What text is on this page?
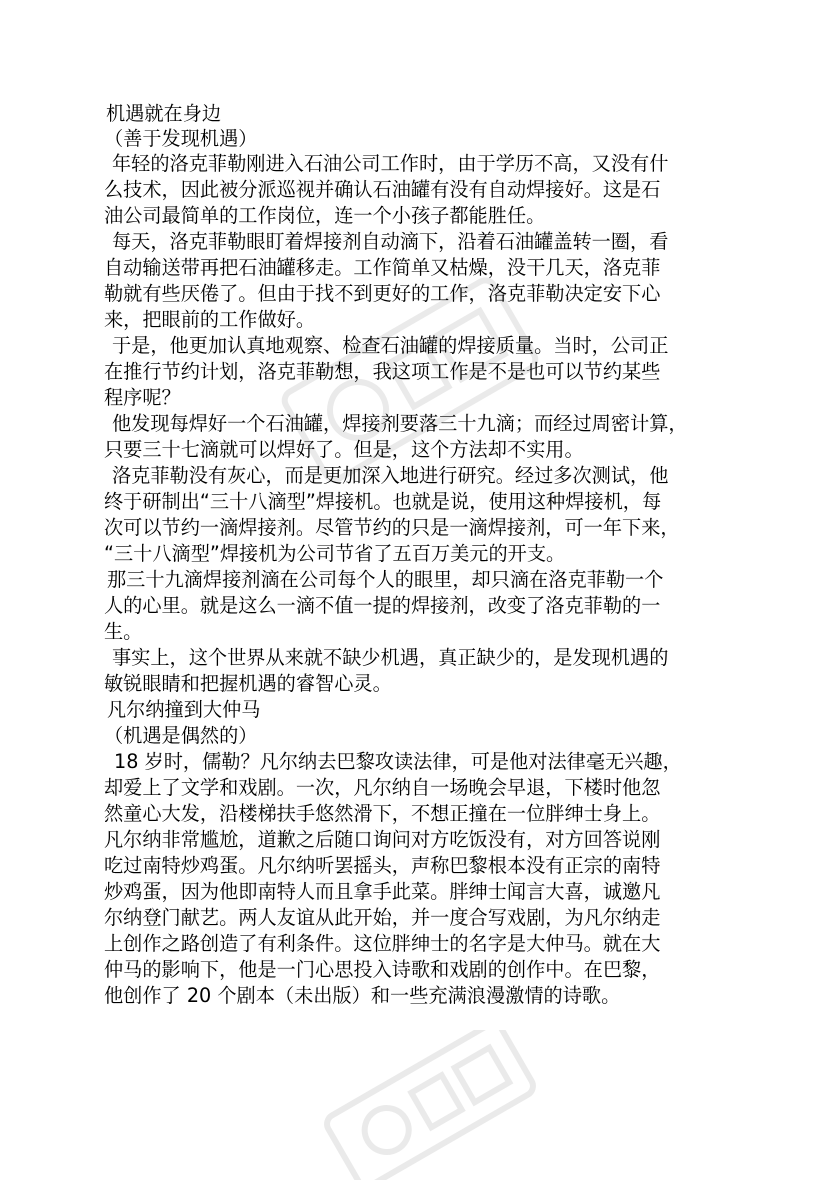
机遇就在身边
（善于发现机遇）
年轻的洛克菲勒刚进入石油公司工作时，由于学历不高，又没有什
么技术，因此被分派巡视并确认石油罐有没有自动焊接好。这是石
油公司最简单的工作岗位，连一个小孩子都能胜任。
每天，洛克菲勒眼盯着焊接剂自动滴下，沿着石油罐盖转一圈，看
自动输送带再把石油罐移走。工作简单又枯燥，没干几天，洛克菲
勒就有些厌倦了。但由于找不到更好的工作，洛克菲勒决定安下心
来，把眼前的工作做好。
于是，他更加认真地观察、检查石油罐的焊接质量。当时，公司正
在推行节约计划，洛克菲勒想，我这项工作是不是也可以节约某些
程序呢？
他发现每焊好一个石油罐，焊接剂要落三十九滴；而经过周密计算，
只要三十七滴就可以焊好了。但是，这个方法却不实用。
洛克菲勒没有灰心，而是更加深入地进行研究。经过多次测试，他
终于研制出“三十八滴型”焊接机。也就是说，使用这种焊接机，每
次可以节约一滴焊接剂。尽管节约的只是一滴焊接剂，可一年下来，
“三十八滴型”焊接机为公司节省了五百万美元的开支。
那三十九滴焊接剂滴在公司每个人的眼里，却只滴在洛克菲勒一个
人的心里。就是这么一滴不值一提的焊接剂，改变了洛克菲勒的一
生。
事实上，这个世界从来就不缺少机遇，真正缺少的，是发现机遇的
敏锐眼睛和把握机遇的睿智心灵。
凡尔纳撞到大仲马
（机遇是偶然的）
18 岁时，儒勒？凡尔纳去巴黎攻读法律，可是他对法律毫无兴趣，
却爱上了文学和戏剧。一次，凡尔纳自一场晚会早退，下楼时他忽
然童心大发，沿楼梯扶手悠然滑下，不想正撞在一位胖绅士身上。
凡尔纳非常尴尬，道歉之后随口询问对方吃饭没有，对方回答说刚
吃过南特炒鸡蛋。凡尔纳听罢摇头，声称巴黎根本没有正宗的南特
炒鸡蛋，因为他即南特人而且拿手此菜。胖绅士闻言大喜，诚邀凡
尔纳登门献艺。两人友谊从此开始，并一度合写戏剧，为凡尔纳走
上创作之路创造了有利条件。这位胖绅士的名字是大仲马。就在大
仲马的影响下，他是一门心思投入诗歌和戏剧的创作中。在巴黎，
他创作了 20 个剧本（未出版）和一些充满浪漫激情的诗歌。
